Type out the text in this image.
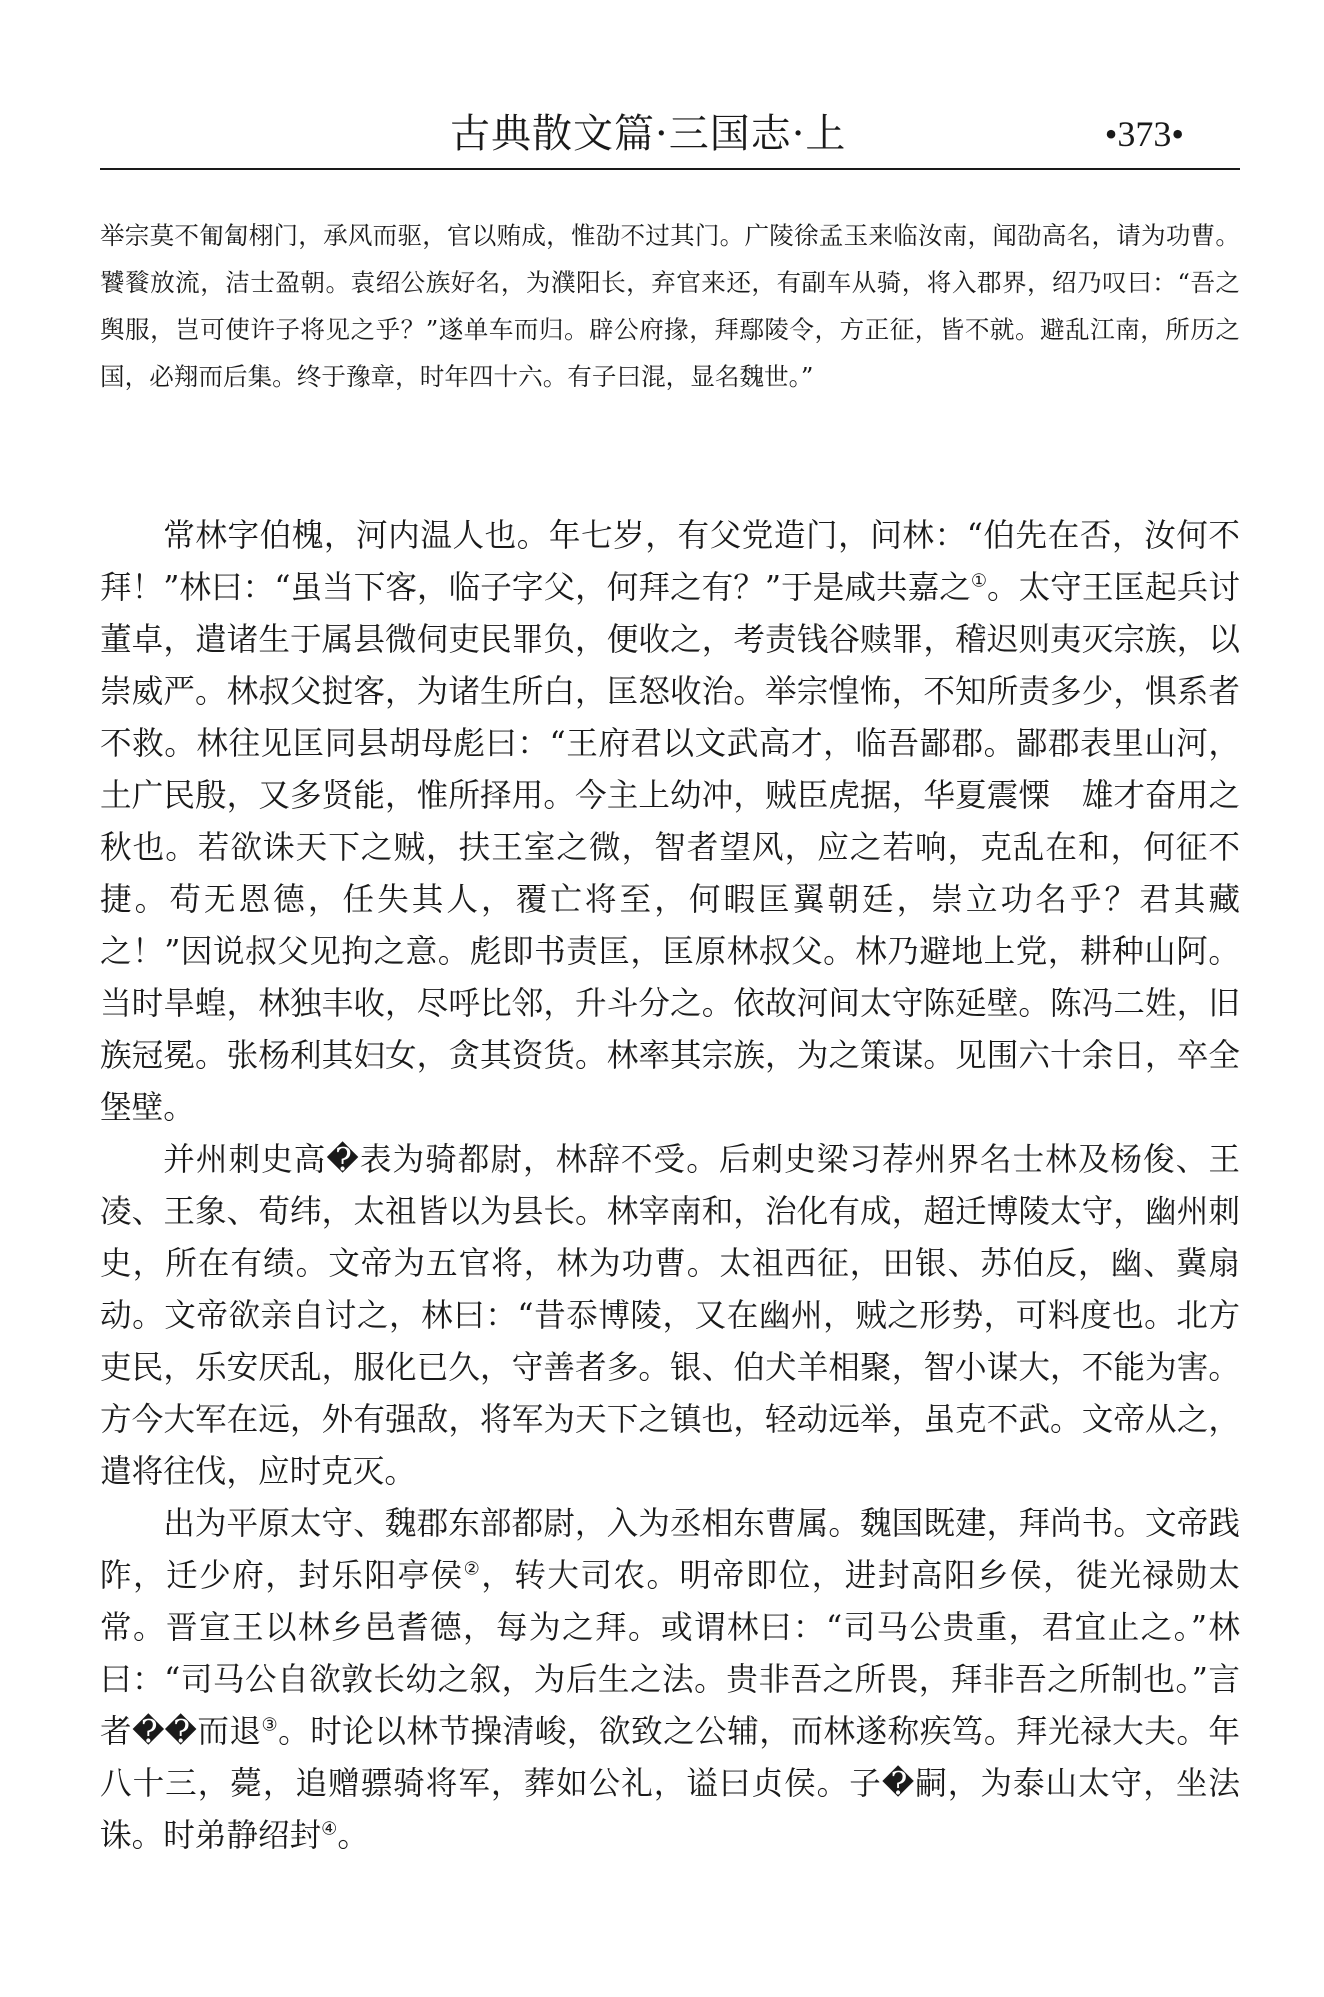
古典散文篇·三国志·上	•373•

举宗莫不匍匐栩门，承风而驱，官以贿成，惟劭不过其门。广陵徐孟玉来临汝南，闻劭高名，请为功曹。饕餮放流，洁士盈朝。袁绍公族好名，为濮阳长，弃官来还，有副车从骑，将入郡界，绍乃叹曰：“吾之舆服，岂可使许子将见之乎？”遂单车而归。辟公府掾，拜鄢陵令，方正征，皆不就。避乱江南，所历之国，必翔而后集。终于豫章，时年四十六。有子曰混，显名魏世。”

常林字伯槐，河内温人也。年七岁，有父党造门，问林：“伯先在否，汝何不拜！”林曰：“虽当下客，临子字父，何拜之有？”于是咸共嘉之①。太守王匡起兵讨董卓，遣诸生于属县微伺吏民罪负，便收之，考责钱谷赎罪，稽迟则夷灭宗族，以崇威严。林叔父挝客，为诸生所白，匡怒收治。举宗惶怖，不知所责多少，惧系者不救。林往见匡同县胡母彪曰：“王府君以文武高才，临吾鄙郡。鄙郡表里山河，土广民殷，又多贤能，惟所择用。今主上幼冲，贼臣虎据，华夏震慄　雄才奋用之秋也。若欲诛天下之贼，扶王室之微，智者望风，应之若响，克乱在和，何征不捷。苟无恩德，任失其人，覆亡将至，何暇匡翼朝廷，崇立功名乎？君其藏之！”因说叔父见拘之意。彪即书责匡，匡原林叔父。林乃避地上党，耕种山阿。当时旱蝗，林独丰收，尽呼比邻，升斗分之。依故河间太守陈延壁。陈冯二姓，旧族冠冕。张杨利其妇女，贪其资货。林率其宗族，为之策谋。见围六十余日，卒全堡壁。

并州刺史高�表为骑都尉，林辞不受。后刺史梁习荐州界名士林及杨俊、王凌、王象、荀纬，太祖皆以为县长。林宰南和，治化有成，超迁博陵太守，幽州刺史，所在有绩。文帝为五官将，林为功曹。太祖西征，田银、苏伯反，幽、冀扇动。文帝欲亲自讨之，林曰：“昔忝博陵，又在幽州，贼之形势，可料度也。北方吏民，乐安厌乱，服化已久，守善者多。银、伯犬羊相聚，智小谋大，不能为害。方今大军在远，外有强敌，将军为天下之镇也，轻动远举，虽克不武。文帝从之，遣将往伐，应时克灭。

出为平原太守、魏郡东部都尉，入为丞相东曹属。魏国既建，拜尚书。文帝践阼，迁少府，封乐阳亭侯②，转大司农。明帝即位，进封高阳乡侯，徙光禄勋太常。晋宣王以林乡邑耆德，每为之拜。或谓林曰：“司马公贵重，君宜止之。”林曰：“司马公自欲敦长幼之叙，为后生之法。贵非吾之所畏，拜非吾之所制也。”言者��而退③。时论以林节操清峻，欲致之公辅，而林遂称疾笃。拜光禄大夫。年八十三，薨，追赠骠骑将军，葬如公礼，谥曰贞侯。子�嗣，为泰山太守，坐法诛。时弟静绍封④。
